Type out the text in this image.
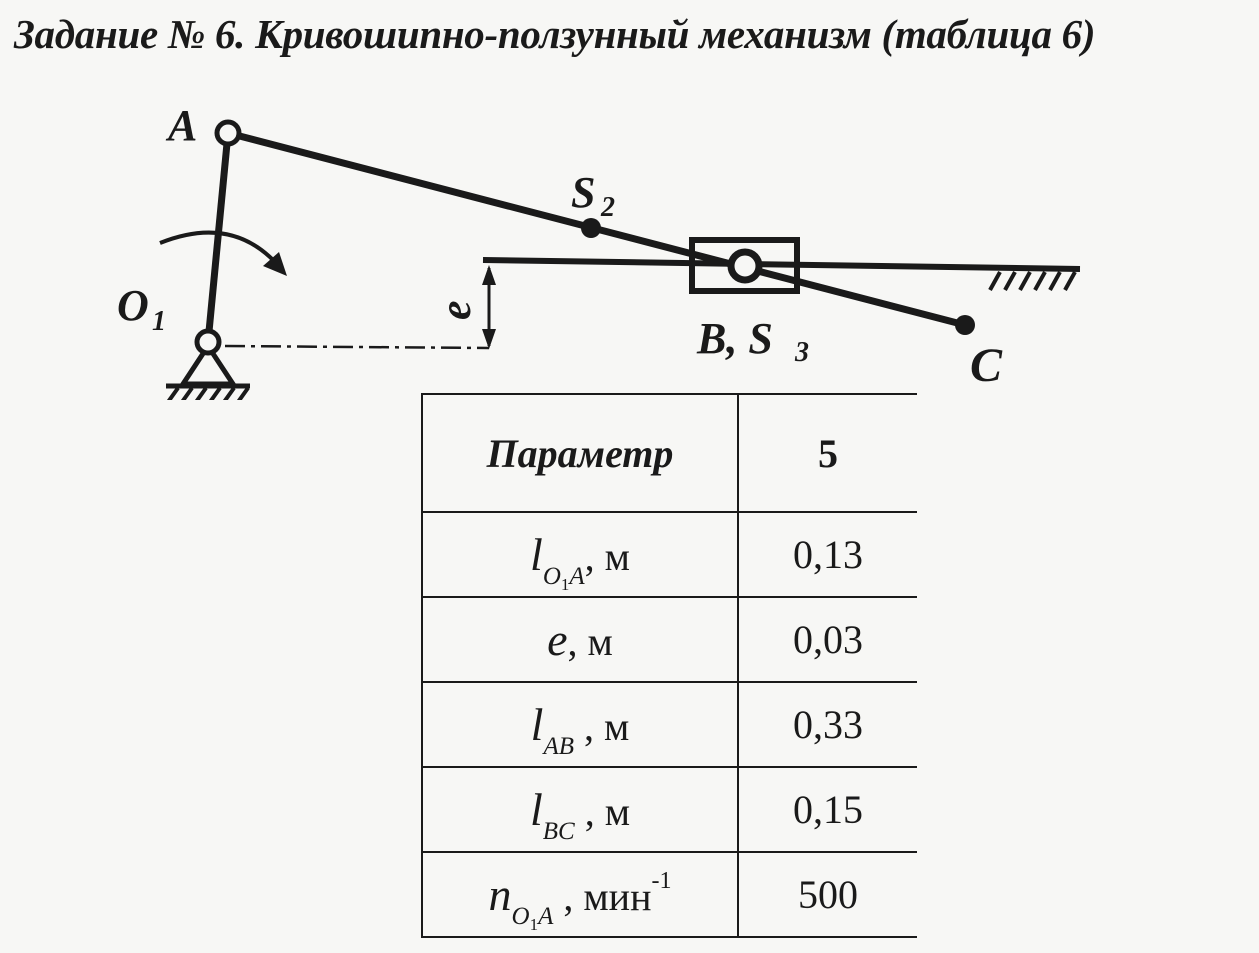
Задание № 6. Кривошипно-ползунный механизм (таблица 6)
A
S 2
O 1	e
B, S 3	C
Параметр	5
$l_{O1A}$, м	0,13
e, м	0,03
$l_{AB}$ , м	0,33
$l_{BC}$ , м	0,15
$n_{O1A}$ , мин$^{-1}$	500
